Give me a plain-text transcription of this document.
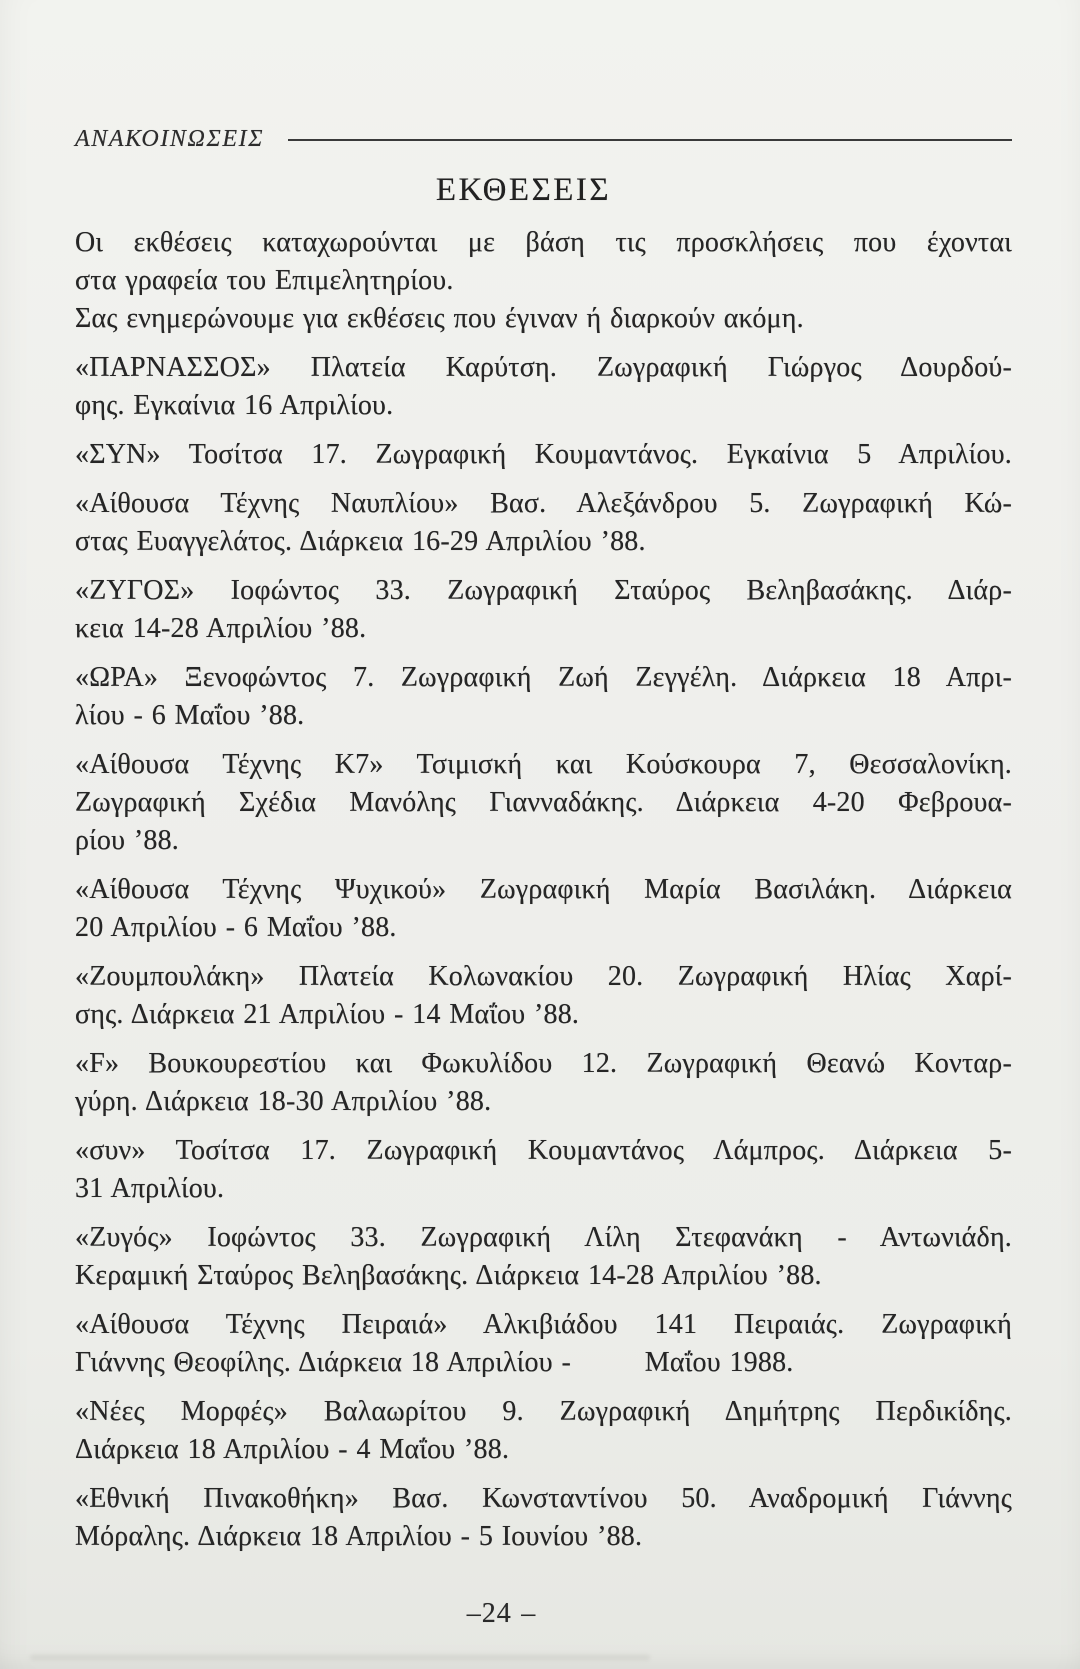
ΑΝΑΚΟΙΝΩΣΕΙΣ
ΕΚΘΕΣΕΙΣ

Οι εκθέσεις καταχωρούνται με βάση τις προσκλήσεις που έχονται
στα γραφεία του Επιμελητηρίου.

Σας ενημερώνουμε για εκθέσεις που έγιναν ή διαρκούν ακόμη.

«ΠΑΡΝΑΣΣΟΣ» Πλατεία Καρύτση. Ζωγραφική Γιώργος Δουρδού-
φης. Εγκαίνια 16 Απριλίου.

«ΣΥΝ» Τοσίτσα 17. Ζωγραφική Κουμαντάνος. Εγκαίνια 5 Απριλίου.

«Αίθουσα Τέχνης Ναυπλίου» Βασ. Αλεξάνδρου 5. Ζωγραφική Κώ-
στας Ευαγγελάτος. Διάρκεια 16-29 Απριλίου ’88.

«ΖΥΓΟΣ» Ιοφώντος 33. Ζωγραφική Σταύρος Βεληβασάκης. Διάρ-
κεια 14-28 Απριλίου ’88.

«ΩΡΑ» Ξενοφώντος 7. Ζωγραφική Ζωή Ζεγγέλη. Διάρκεια 18 Απρι-
λίου - 6 Μαΐου ’88.

«Αίθουσα Τέχνης Κ7» Τσιμισκή και Κούσκουρα 7, Θεσσαλονίκη.
Ζωγραφική Σχέδια Μανόλης Γιανναδάκης. Διάρκεια 4-20 Φεβρουα-
ρίου ’88.

«Αίθουσα Τέχνης Ψυχικού» Ζωγραφική Μαρία Βασιλάκη. Διάρκεια
20 Απριλίου - 6 Μαΐου ’88.

«Ζουμπουλάκη» Πλατεία Κολωνακίου 20. Ζωγραφική Ηλίας Χαρί-
σης. Διάρκεια 21 Απριλίου - 14 Μαΐου ’88.

«F» Βουκουρεστίου και Φωκυλίδου 12. Ζωγραφική Θεανώ Κονταρ-
γύρη. Διάρκεια 18-30 Απριλίου ’88.

«συν» Τοσίτσα 17. Ζωγραφική Κουμαντάνος Λάμπρος. Διάρκεια 5-
31 Απριλίου.

«Ζυγός» Ιοφώντος 33. Ζωγραφική Λίλη Στεφανάκη - Αντωνιάδη.
Κεραμική Σταύρος Βεληβασάκης. Διάρκεια 14-28 Απριλίου ’88.

«Αίθουσα Τέχνης Πειραιά» Αλκιβιάδου 141 Πειραιάς. Ζωγραφική
Γιάννης Θεοφίλης. Διάρκεια 18 Απριλίου -    Μαΐου 1988.

«Νέες Μορφές» Βαλαωρίτου 9. Ζωγραφική Δημήτρης Περδικίδης.
Διάρκεια 18 Απριλίου - 4 Μαΐου ’88.

«Εθνική Πινακοθήκη» Βασ. Κωνσταντίνου 50. Αναδρομική Γιάννης
Μόραλης. Διάρκεια 18 Απριλίου - 5 Ιουνίου ’88.

–24 –
